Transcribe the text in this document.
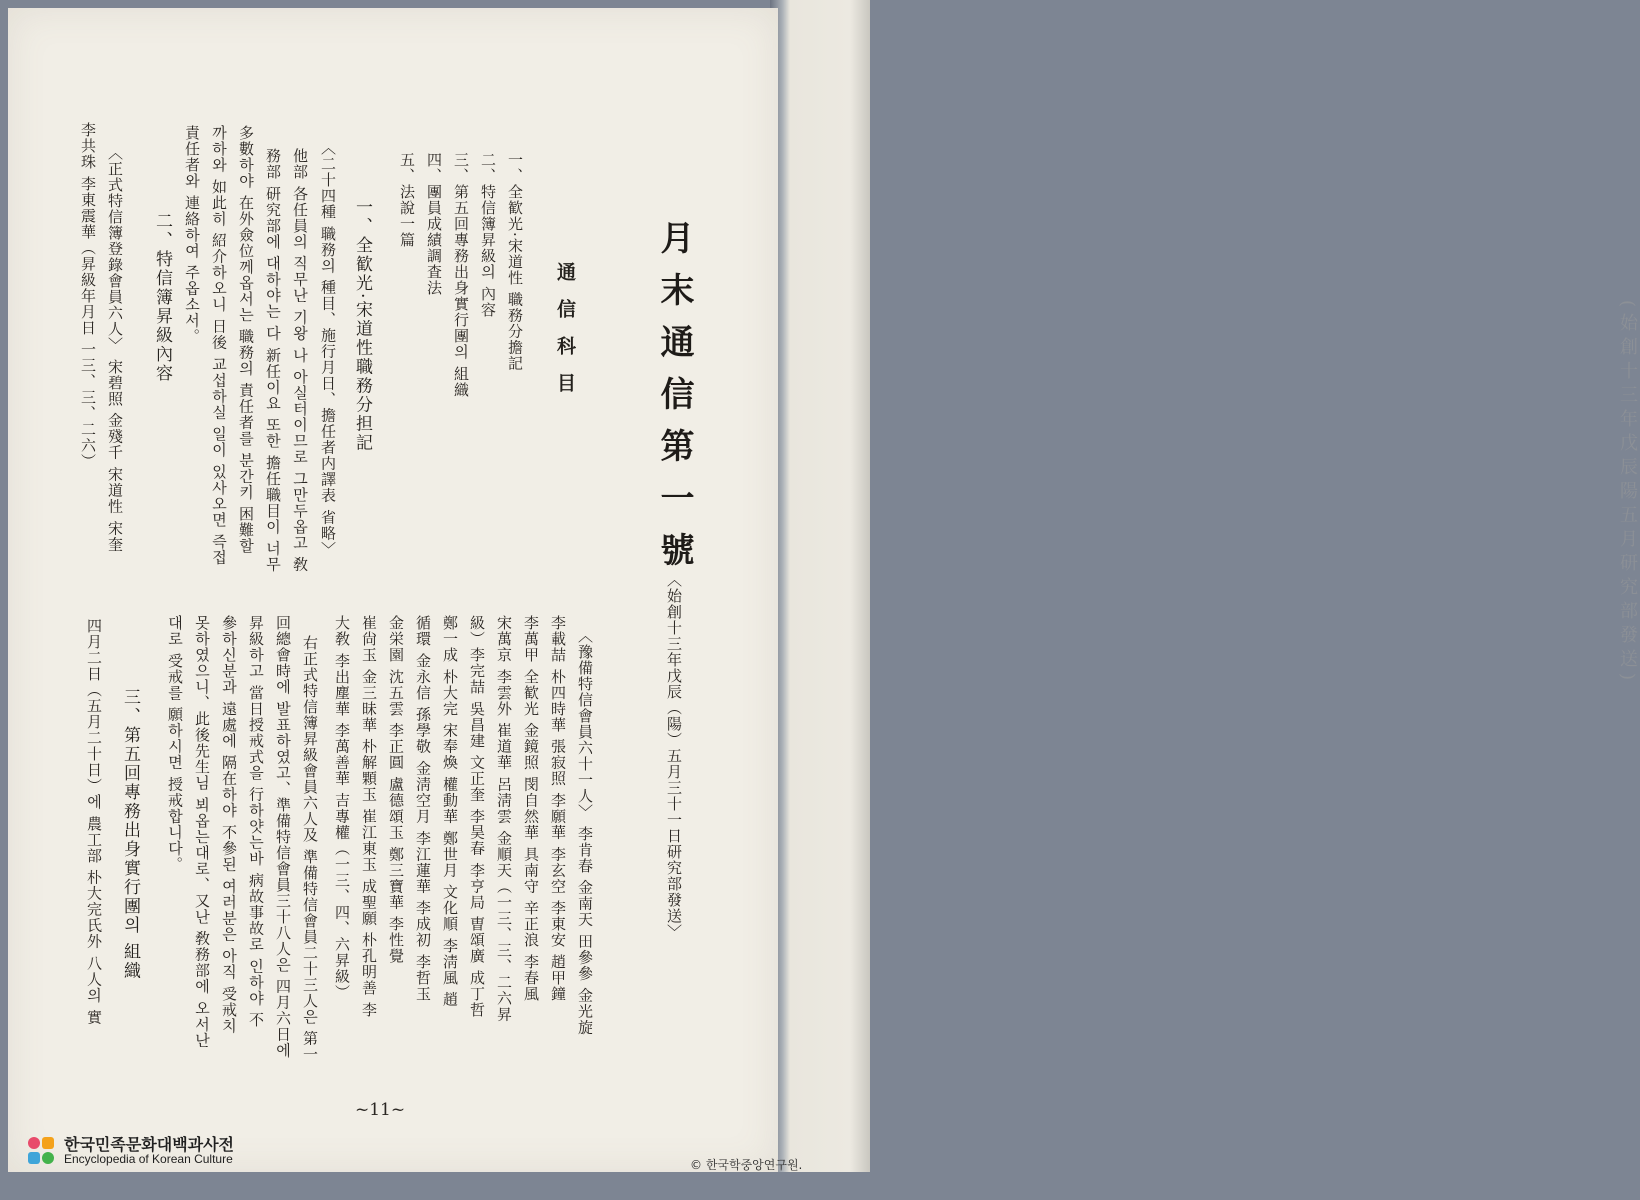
(始創十三年戊辰陽五月研究部發送)
月末通信第一號
〈始創十三年戊辰（陽）五月三十一日研究部發送〉
通信科目
一、全歓光·宋道性 職務分擔記
二、特信簿昇級의 內容
三、第五回專務出身實行團의 組織
四、團員成績調査法
五、法說一篇
一、全歓光·宋道性職務分担記
〈二十四種 職務의 種目、施行月日、擔任者内譯表 省略〉
他部 各任員의 직무난 기왕 나 아실터이므로 그만두옵고 敎
務部 研究部에 대하야는 다 新任이요 또한 擔任職目이 너무
多數하야 在外僉位께옵서는 職務의 責任者를 분간키 困難할
까하와 如此히 紹介하오니 日後 교섭하실 일이 있사오면 즉접
責任者와 連絡하여 주옵소서。
二、特信簿昇級內容
〈正式特信簿登錄會員六人〉 宋碧照 金殘千 宋道性 宋奎
李共珠 李東震華（昇級年月日 一三、三、二六）
〈豫備特信會員六十一人〉 李肯春 金南天 田參參 金光旋
李載喆 朴四時華 張寂照 李願華 李玄空 李東安 趙甲鐘
李萬甲 全歓光 金鏡照 閔自然華 具南守 辛正浪 李春風
宋萬京 李雲外 崔道華 呂淸雲 金順天（一三、三、二六昇
級）李完喆 吳昌建 文正奎 李昊春 李亨局 曺頌廣 成丁哲
鄭一成 朴大完 宋奉煥 權動華 鄭世月 文化順 李淸風 趙
循環 金永信 孫學敬 金淸空月 李江蓮華 李成初 李哲玉
金栄園 沈五雲 李正圓 盧德頌玉 鄭三寶華 李性覺
崔尙玉 金三昧華 朴解顆玉 崔江東玉 成聖願 朴孔明善 李
大敎 李出塵華 李萬善華 吉專權（一三、四、六昇級）
右正式特信簿昇級會員六人及 準備特信會員二十三人은 第一
回總會時에 발표하였고、準備特信會員三十八人은 四月六日에
昇級하고 當日授戒式을 行하얏는바 病故事故로 인하야 不
參하신분과 遠處에 隔在하야 不參된 여러분은 아직 受戒치
못하였으니、此後先生님 뵈옵는대로、又난 敎務部에 오서난
대로 受戒를 願하시면 授戒합니다。
三、第五回專務出身實行團의 組織
四月二日（五月二十日）에 農工部 朴大完氏外 八人의 實
~11~
한국민족문화대백과사전
Encyclopedia of Korean Culture	© 한국학중앙연구원.
